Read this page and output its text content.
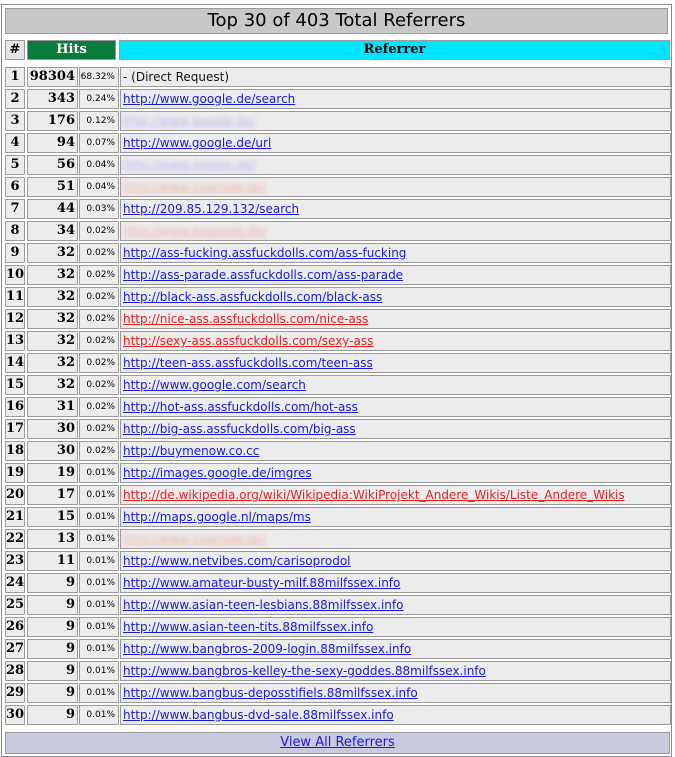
Top 30 of 403 Total Referrers
#	Hits	Referrer
1 98304 68.32% - (Direct Request)
2	343	0.24% http://www.google.de/search
3	176	0.12% http://www.google.de/
4	94	0.07% http://www.google.de/url
5	56	0.04% http://www.google.de/
6	51	0.04% http://www.example.de/
7	44	0.03% http://209.85.129.132/search
8	34	0.02% http://www.example.de/
9	32	0.02% http://ass-fucking.assfuckdolls.com/ass-fucking
10	32	0.02% http://ass-parade.assfuckdolls.com/ass-parade
11	32	0.02% http://black-ass.assfuckdolls.com/black-ass
12	32	0.02% http://nice-ass.assfuckdolls.com/nice-ass
13	32	0.02% http://sexy-ass.assfuckdolls.com/sexy-ass
14	32	0.02% http://teen-ass.assfuckdolls.com/teen-ass
15	32	0.02% http://www.google.com/search
16	31	0.02% http://hot-ass.assfuckdolls.com/hot-ass
17	30	0.02% http://big-ass.assfuckdolls.com/big-ass
18	30	0.02% http://buymenow.co.cc
19	19	0.01% http://images.google.de/imgres
20	17	0.01% http://de.wikipedia.org/wiki/Wikipedia:WikiProjekt_Andere_Wikis/Liste_Andere_Wikis
21	15	0.01% http://maps.google.nl/maps/ms
22	13	0.01% http://www.example.de/
23	11	0.01% http://www.netvibes.com/carisoprodol
24	9	0.01% http://www.amateur-busty-milf.88milfssex.info
25	9	0.01% http://www.asian-teen-lesbians.88milfssex.info
26	9	0.01% http://www.asian-teen-tits.88milfssex.info
27	9	0.01% http://www.bangbros-2009-login.88milfssex.info
28	9	0.01% http://www.bangbros-kelley-the-sexy-goddes.88milfssex.info
29	9	0.01% http://www.bangbus-deposstifiels.88milfssex.info
30	9	0.01% http://www.bangbus-dvd-sale.88milfssex.info
View All Referrers
